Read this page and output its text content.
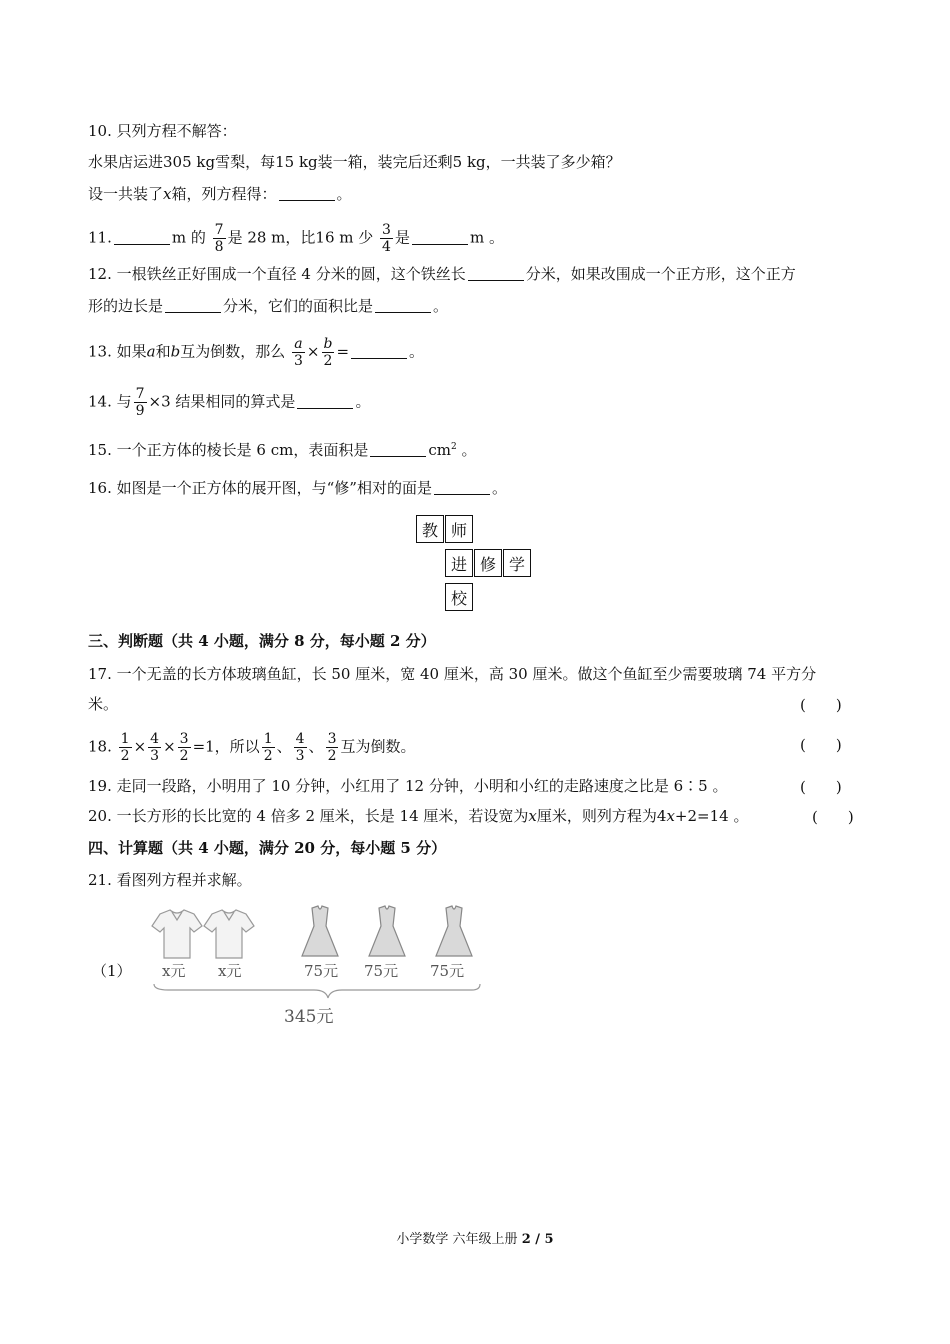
10. 只列方程不解答：
水果店运进305 kg雪梨，每15 kg装一箱，装完后还剩5 kg，一共装了多少箱？
设一共装了x箱，列方程得：	。
11.	m 的 $\frac{7}{8}$ 是 28 m，比16 m 少 $\frac{3}{4}$ 是	m 。
12. 一根铁丝正好围成一个直径 4 分米的圆，这个铁丝长	分米，如果改围成一个正方形，这个正方
形的边长是	分米，它们的面积比是	。
13. 如果a和b互为倒数，那么 $\frac{a}{3} \times \frac{b}{2}$ =	。
14. 与 $\frac{7}{9} \times 3$ 结果相同的算式是	。
15. 一个正方体的棱长是 6 cm，表面积是	$cm^2$ 。
16. 如图是一个正方体的展开图，与“修”相对的面是	。
教 师
进 修 学
校
三、判断题（共 4 小题，满分 8 分，每小题 2 分）
17. 一个无盖的长方体玻璃鱼缸，长 50 厘米，宽 40 厘米，高 30 厘米。做这个鱼缸至少需要玻璃 74 平方分
米。	(　　)
18. $\frac{1}{2} \times \frac{4}{3} \times \frac{3}{2} =1$，所以 $\frac{1}{2}$ 、 $\frac{4}{3}$ 、 $\frac{3}{2}$ 互为倒数。	(　　)
19. 走同一段路，小明用了 10 分钟，小红用了 12 分钟，小明和小红的走路速度之比是 6∶5 。	(　　)
20. 一长方形的长比宽的 4 倍多 2 厘米，长是 14 厘米，若设宽为x厘米，则列方程为4x+2=14 。	(　　)
四、计算题（共 4 小题，满分 20 分，每小题 5 分）
21. 看图列方程并求解。
（1） x元 x元	75元 75元 75元
345元
小学数学 六年级上册 2 / 5
